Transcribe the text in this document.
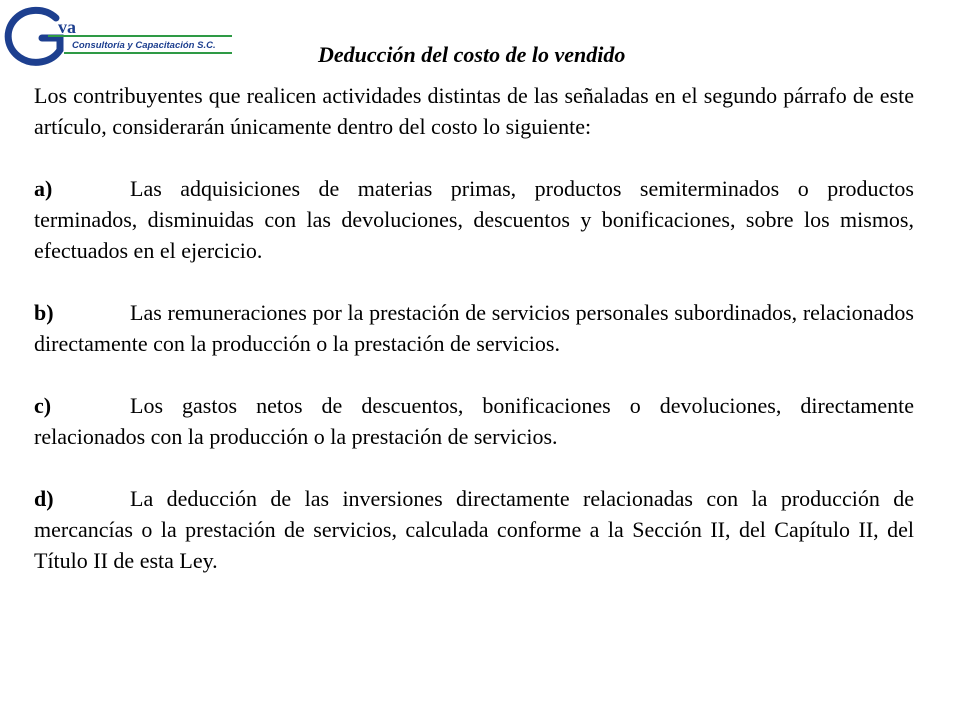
va
Consultoría y Capacitación S.C.	Deducción del costo de lo vendido

Los contribuyentes que realicen actividades distintas de las señaladas en el segundo párrafo de este artículo, considerarán únicamente dentro del costo lo siguiente:

a)	Las adquisiciones de materias primas, productos semiterminados o productos terminados, disminuidas con las devoluciones, descuentos y bonificaciones, sobre los mismos, efectuados en el ejercicio.

b)	Las remuneraciones por la prestación de servicios personales subordinados, relacionados directamente con la producción o la prestación de servicios.

c)	Los gastos netos de descuentos, bonificaciones o devoluciones, directamente relacionados con la producción o la prestación de servicios.

d)	La deducción de las inversiones directamente relacionadas con la producción de mercancías o la prestación de servicios, calculada conforme a la Sección II, del Capítulo II, del Título II de esta Ley.
